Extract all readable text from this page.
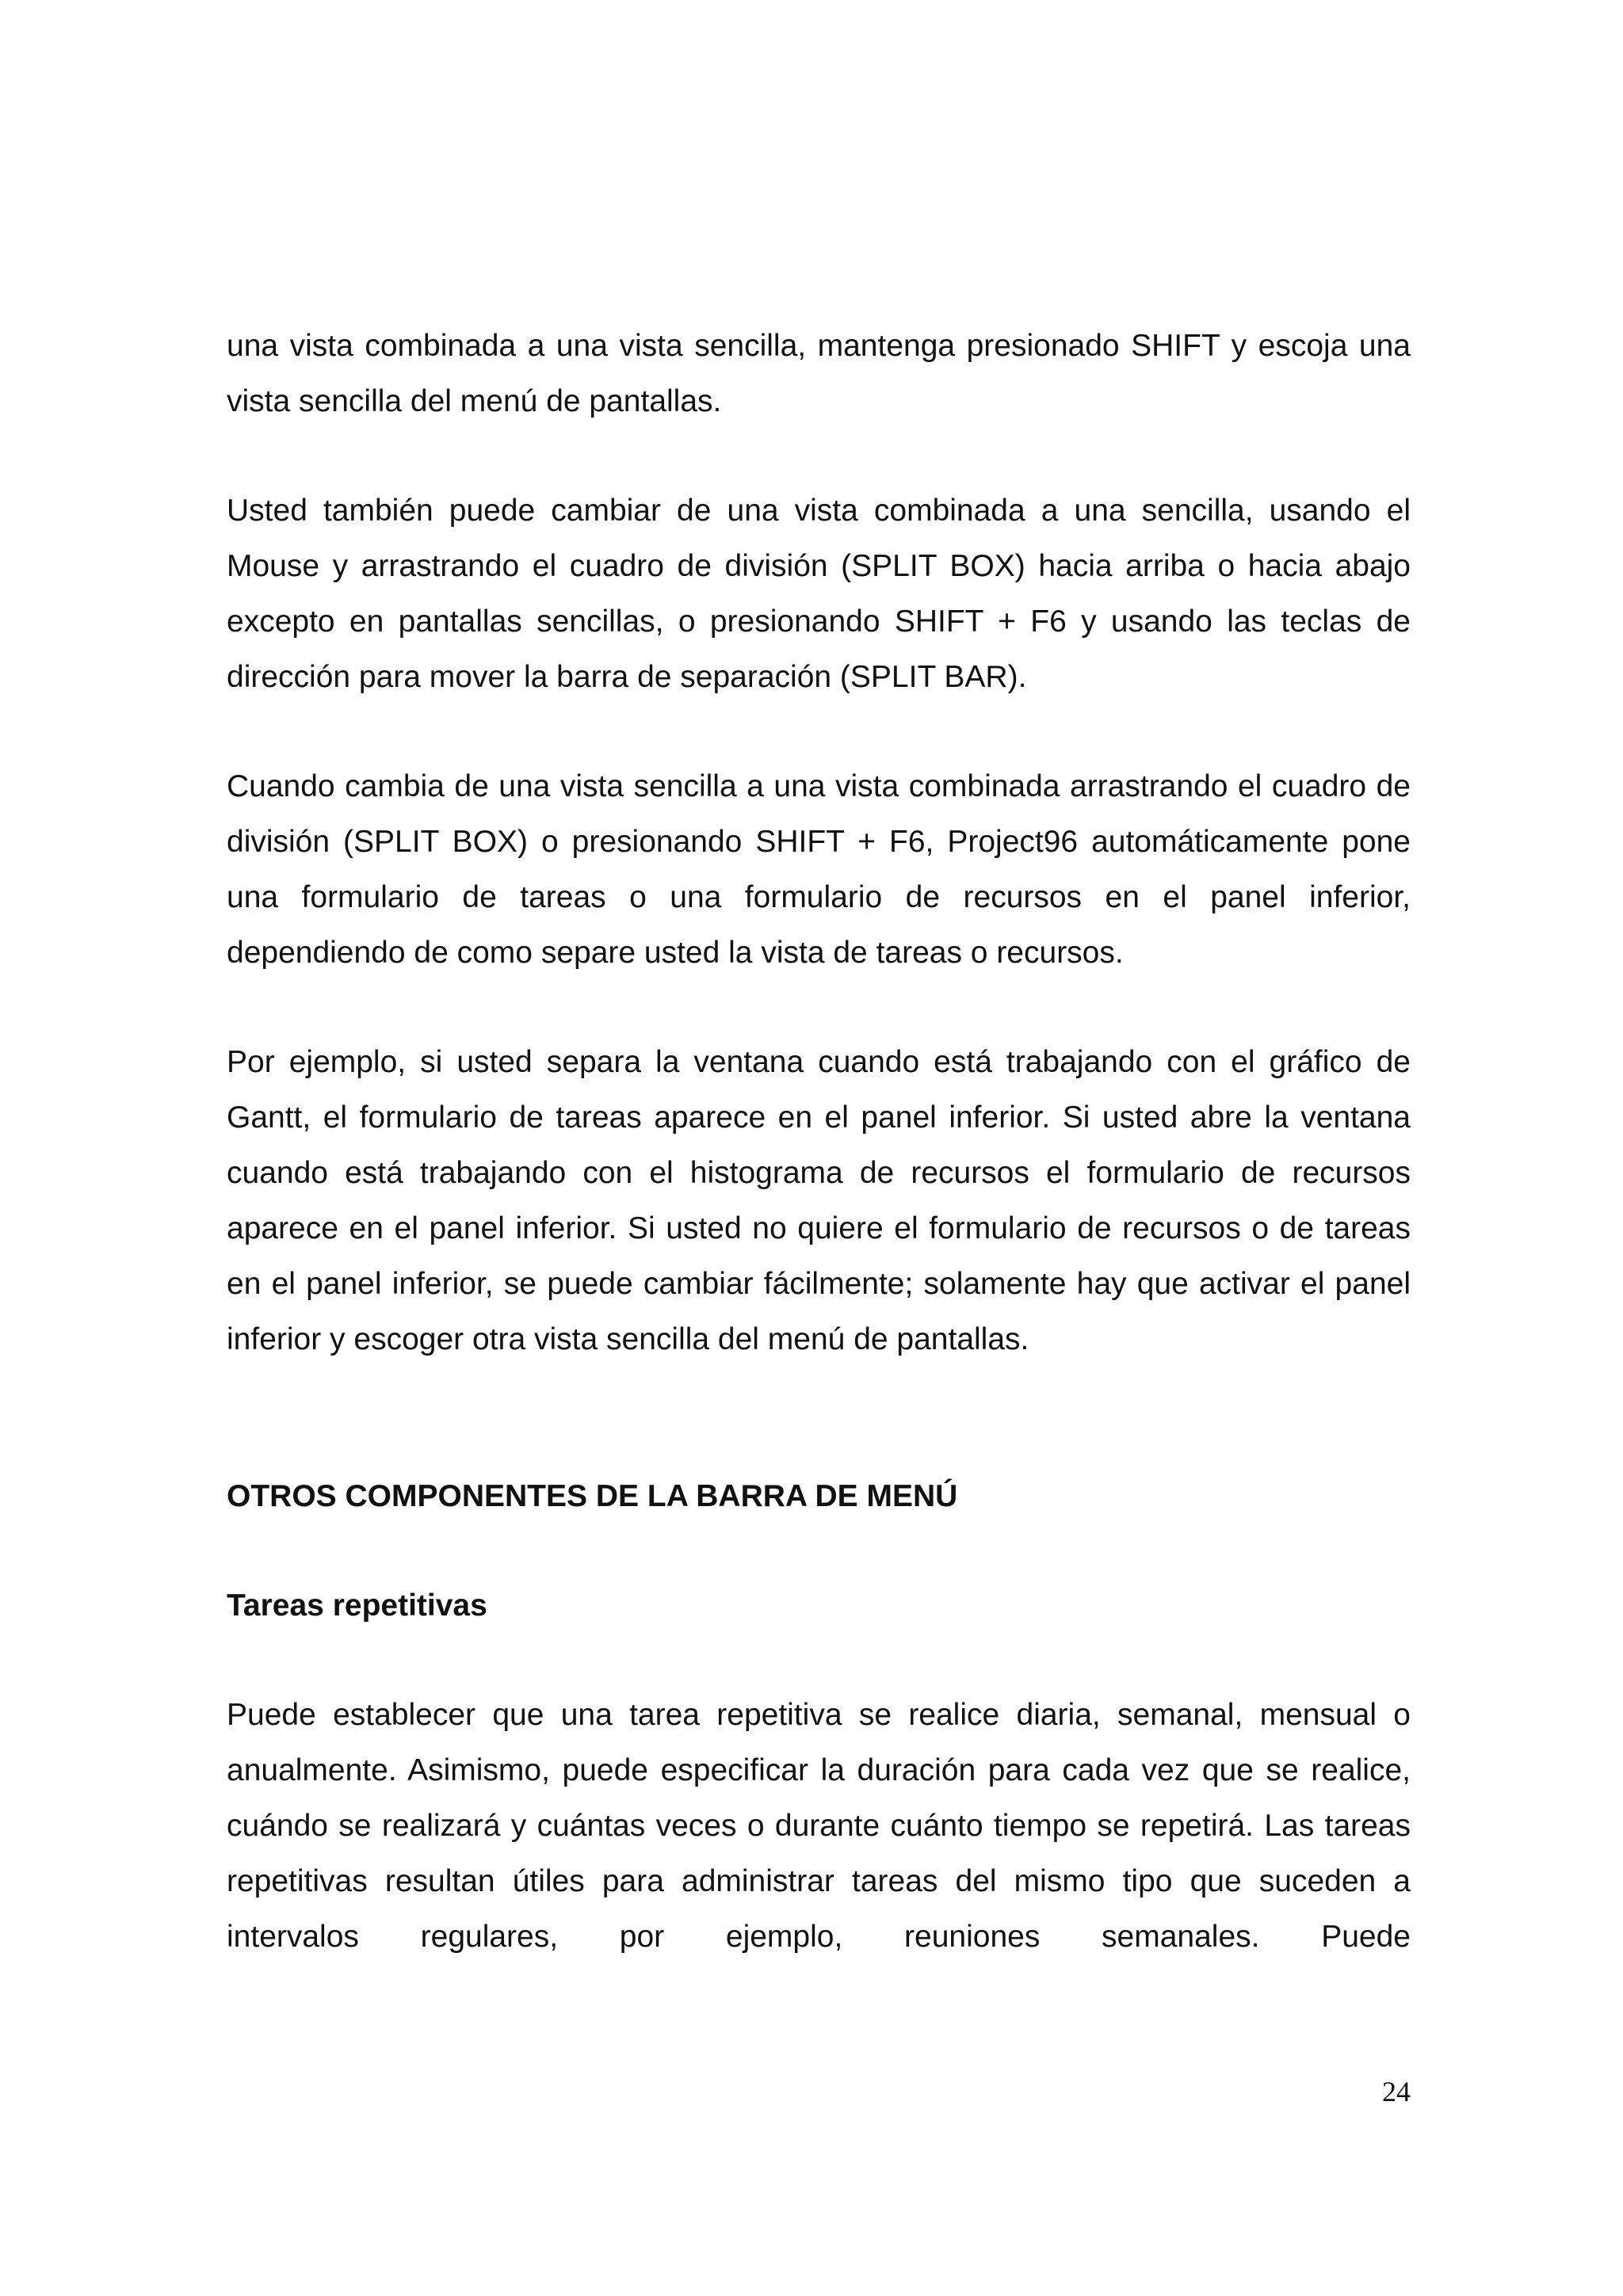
una vista combinada a una vista sencilla, mantenga presionado SHIFT y escoja una vista sencilla del menú de pantallas.

Usted también puede cambiar de una vista combinada a una sencilla, usando el Mouse y arrastrando el cuadro de división (SPLIT BOX) hacia arriba o hacia abajo excepto en pantallas sencillas, o presionando SHIFT + F6 y usando las teclas de dirección para mover la barra de separación (SPLIT BAR).

Cuando cambia de una vista sencilla a una vista combinada arrastrando el cuadro de división (SPLIT BOX) o presionando SHIFT + F6, Project96 automáticamente pone una formulario de tareas o una formulario de recursos en el panel inferior, dependiendo de como separe usted la vista de tareas o recursos.

Por ejemplo, si usted separa la ventana cuando está trabajando con el gráfico de Gantt, el formulario de tareas aparece en el panel inferior. Si usted abre la ventana cuando está trabajando con el histograma de recursos el formulario de recursos aparece en el panel inferior. Si usted no quiere el formulario de recursos o de tareas en el panel inferior, se puede cambiar fácilmente; solamente hay que activar el panel inferior y escoger otra vista sencilla del menú de pantallas.

OTROS COMPONENTES DE LA BARRA DE MENÚ
Tareas repetitivas

Puede establecer que una tarea repetitiva se realice diaria, semanal, mensual o anualmente. Asimismo, puede especificar la duración para cada vez que se realice, cuándo se realizará y cuántas veces o durante cuánto tiempo se repetirá. Las tareas repetitivas resultan útiles para administrar tareas del mismo tipo que suceden a intervalos regulares, por ejemplo, reuniones semanales. Puede

24
